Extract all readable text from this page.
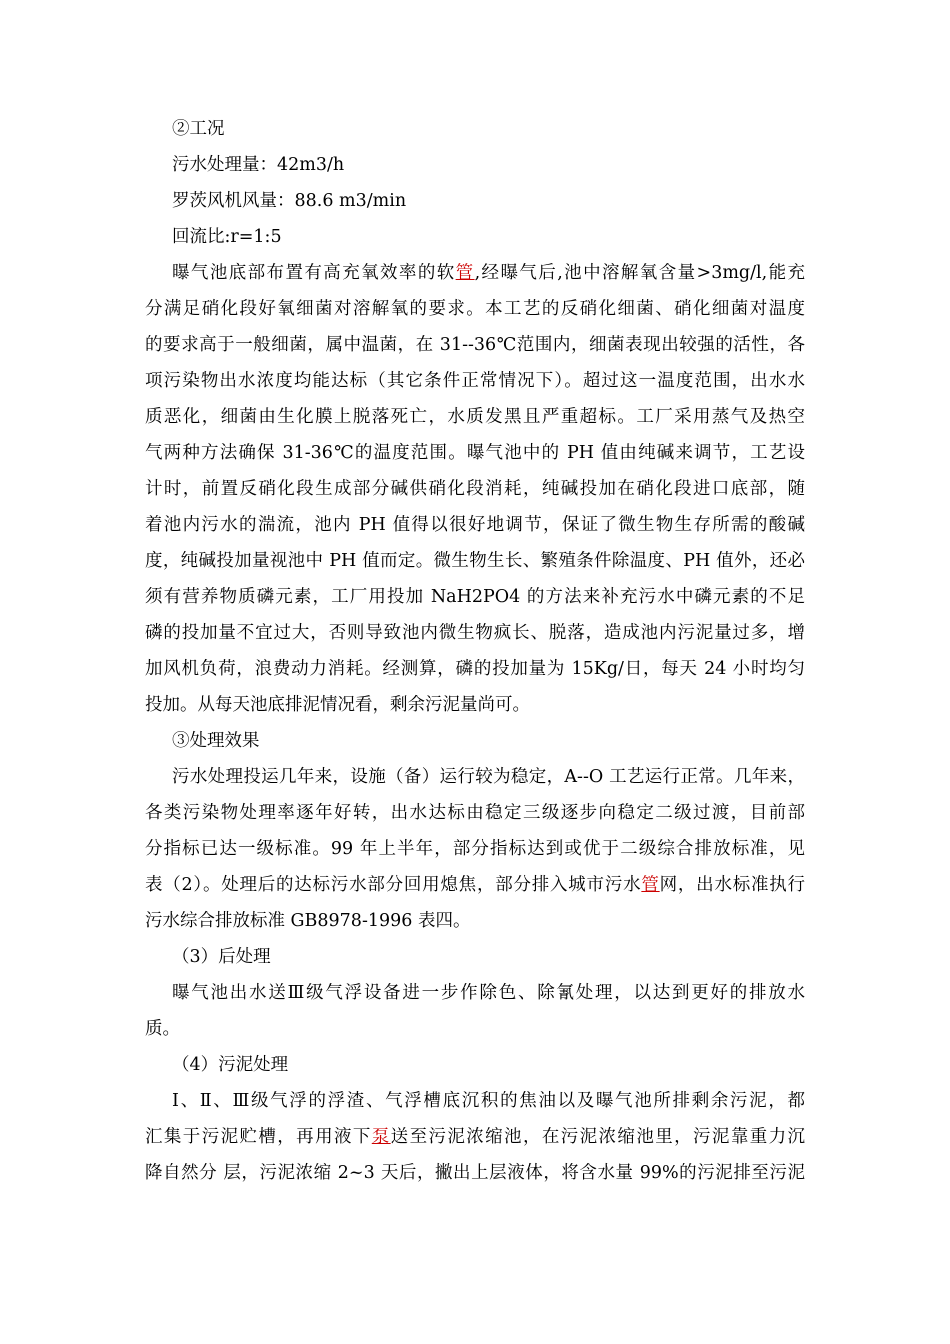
②工况
污水处理量：42m3/h
罗茨风机风量：88.6 m3/min
回流比:r=1:5
曝气池底部布置有高充氧效率的软管,经曝气后,池中溶解氧含量>3mg/l,能充
分满足硝化段好氧细菌对溶解氧的要求。本工艺的反硝化细菌、硝化细菌对温度
的要求高于一般细菌，属中温菌，在 31--36℃范围内，细菌表现出较强的活性，各
项污染物出水浓度均能达标（其它条件正常情况下）。超过这一温度范围，出水水
质恶化，细菌由生化膜上脱落死亡，水质发黑且严重超标。工厂采用蒸气及热空
气两种方法确保 31-36℃的温度范围。曝气池中的 PH 值由纯碱来调节，工艺设
计时，前置反硝化段生成部分碱供硝化段消耗，纯碱投加在硝化段进口底部，随
着池内污水的湍流，池内 PH 值得以很好地调节，保证了微生物生存所需的酸碱
度，纯碱投加量视池中 PH 值而定。微生物生长、繁殖条件除温度、PH 值外，还必
须有营养物质磷元素，工厂用投加 NaH2PO4 的方法来补充污水中磷元素的不足
磷的投加量不宜过大，否则导致池内微生物疯长、脱落，造成池内污泥量过多，增
加风机负荷，浪费动力消耗。经测算，磷的投加量为 15Kg/日，每天 24 小时均匀
投加。从每天池底排泥情况看，剩余污泥量尚可。
③处理效果
污水处理投运几年来，设施（备）运行较为稳定，A--O 工艺运行正常。几年来，
各类污染物处理率逐年好转，出水达标由稳定三级逐步向稳定二级过渡，目前部
分指标已达一级标准。99 年上半年，部分指标达到或优于二级综合排放标准，见
表（2）。处理后的达标污水部分回用熄焦，部分排入城市污水管网，出水标准执行
污水综合排放标准 GB8978-1996 表四。
（3）后处理
曝气池出水送Ⅲ级气浮设备进一步作除色、除氰处理，以达到更好的排放水
质。
（4）污泥处理
Ⅰ、Ⅱ、Ⅲ级气浮的浮渣、气浮槽底沉积的焦油以及曝气池所排剩余污泥，都
汇集于污泥贮槽，再用液下泵送至污泥浓缩池，在污泥浓缩池里，污泥靠重力沉
降自然分 层，污泥浓缩 2~3 天后，撇出上层液体，将含水量 99%的污泥排至污泥
